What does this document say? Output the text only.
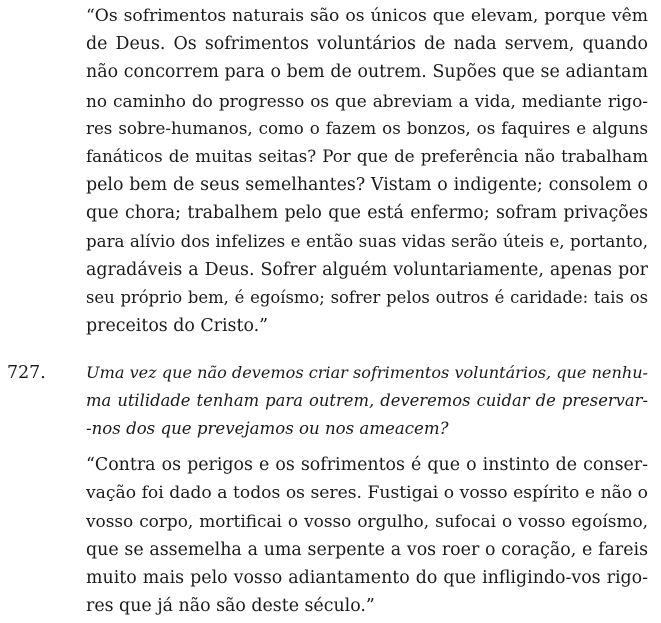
“Os sofrimentos naturais são os únicos que elevam, porque vêm
de Deus. Os sofrimentos voluntários de nada servem, quando
não concorrem para o bem de outrem. Supões que se adiantam
no caminho do progresso os que abreviam a vida, mediante rigo-
res sobre-humanos, como o fazem os bonzos, os faquires e alguns
fanáticos de muitas seitas? Por que de preferência não trabalham
pelo bem de seus semelhantes? Vistam o indigente; consolem o
que chora; trabalhem pelo que está enfermo; sofram privações
para alívio dos infelizes e então suas vidas serão úteis e, portanto,
agradáveis a Deus. Sofrer alguém voluntariamente, apenas por
seu próprio bem, é egoísmo; sofrer pelos outros é caridade: tais os
preceitos do Cristo.”
727.	Uma vez que não devemos criar sofrimentos voluntários, que nenhu-
ma utilidade tenham para outrem, deveremos cuidar de preservar-
-nos dos que prevejamos ou nos ameacem?
“Contra os perigos e os sofrimentos é que o instinto de conser-
vação foi dado a todos os seres. Fustigai o vosso espírito e não o
vosso corpo, mortificai o vosso orgulho, sufocai o vosso egoísmo,
que se assemelha a uma serpente a vos roer o coração, e fareis
muito mais pelo vosso adiantamento do que infligindo-vos rigo-
res que já não são deste século.”
